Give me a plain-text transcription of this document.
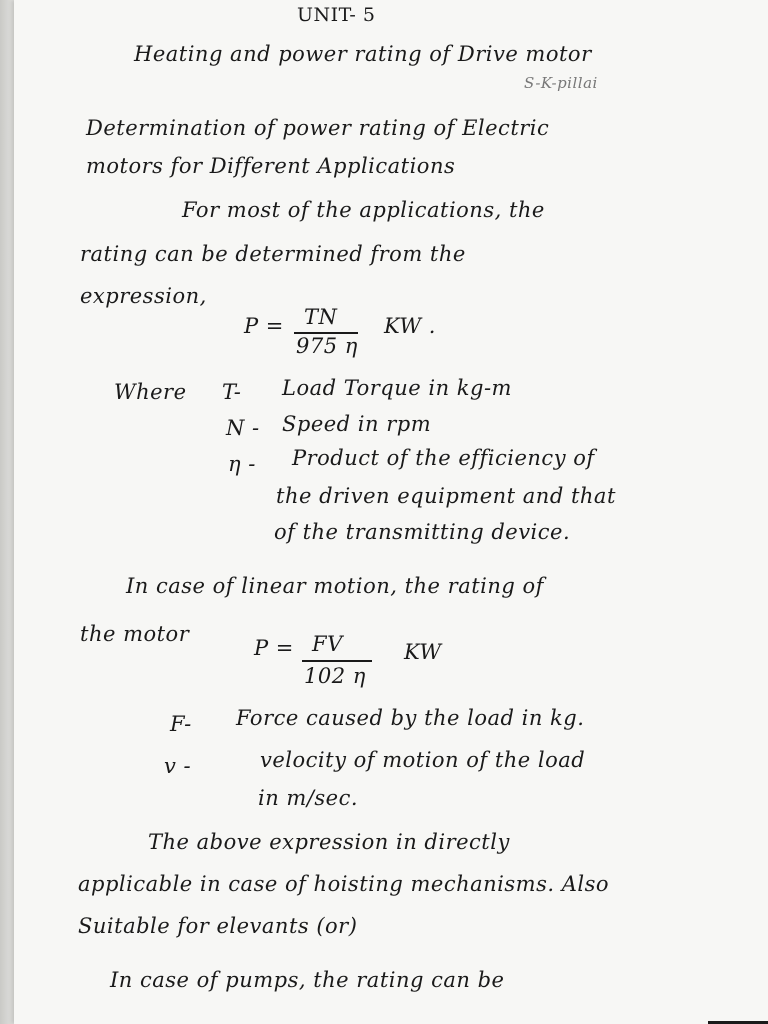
UNIT- 5
Heating and power rating of Drive motor
S-K-pillai
Determination of power rating of Electric
motors for Different Applications
For most of the applications, the
rating can be determined from the
expression,
P = TN
975 η
KW .
Where T- Load Torque in kg-m
N - Speed in rpm
η - Product of the efficiency of
the driven equipment and that
of the transmitting device.
In case of linear motion, the rating of
the motor
P = FV
102 η
KW
F- Force caused by the load in kg.
v -	velocity of motion of the load
in m/sec.
The above expression in directly
applicable in case of hoisting mechanisms. Also
Suitable for elevants (or)
In case of pumps, the rating can be
